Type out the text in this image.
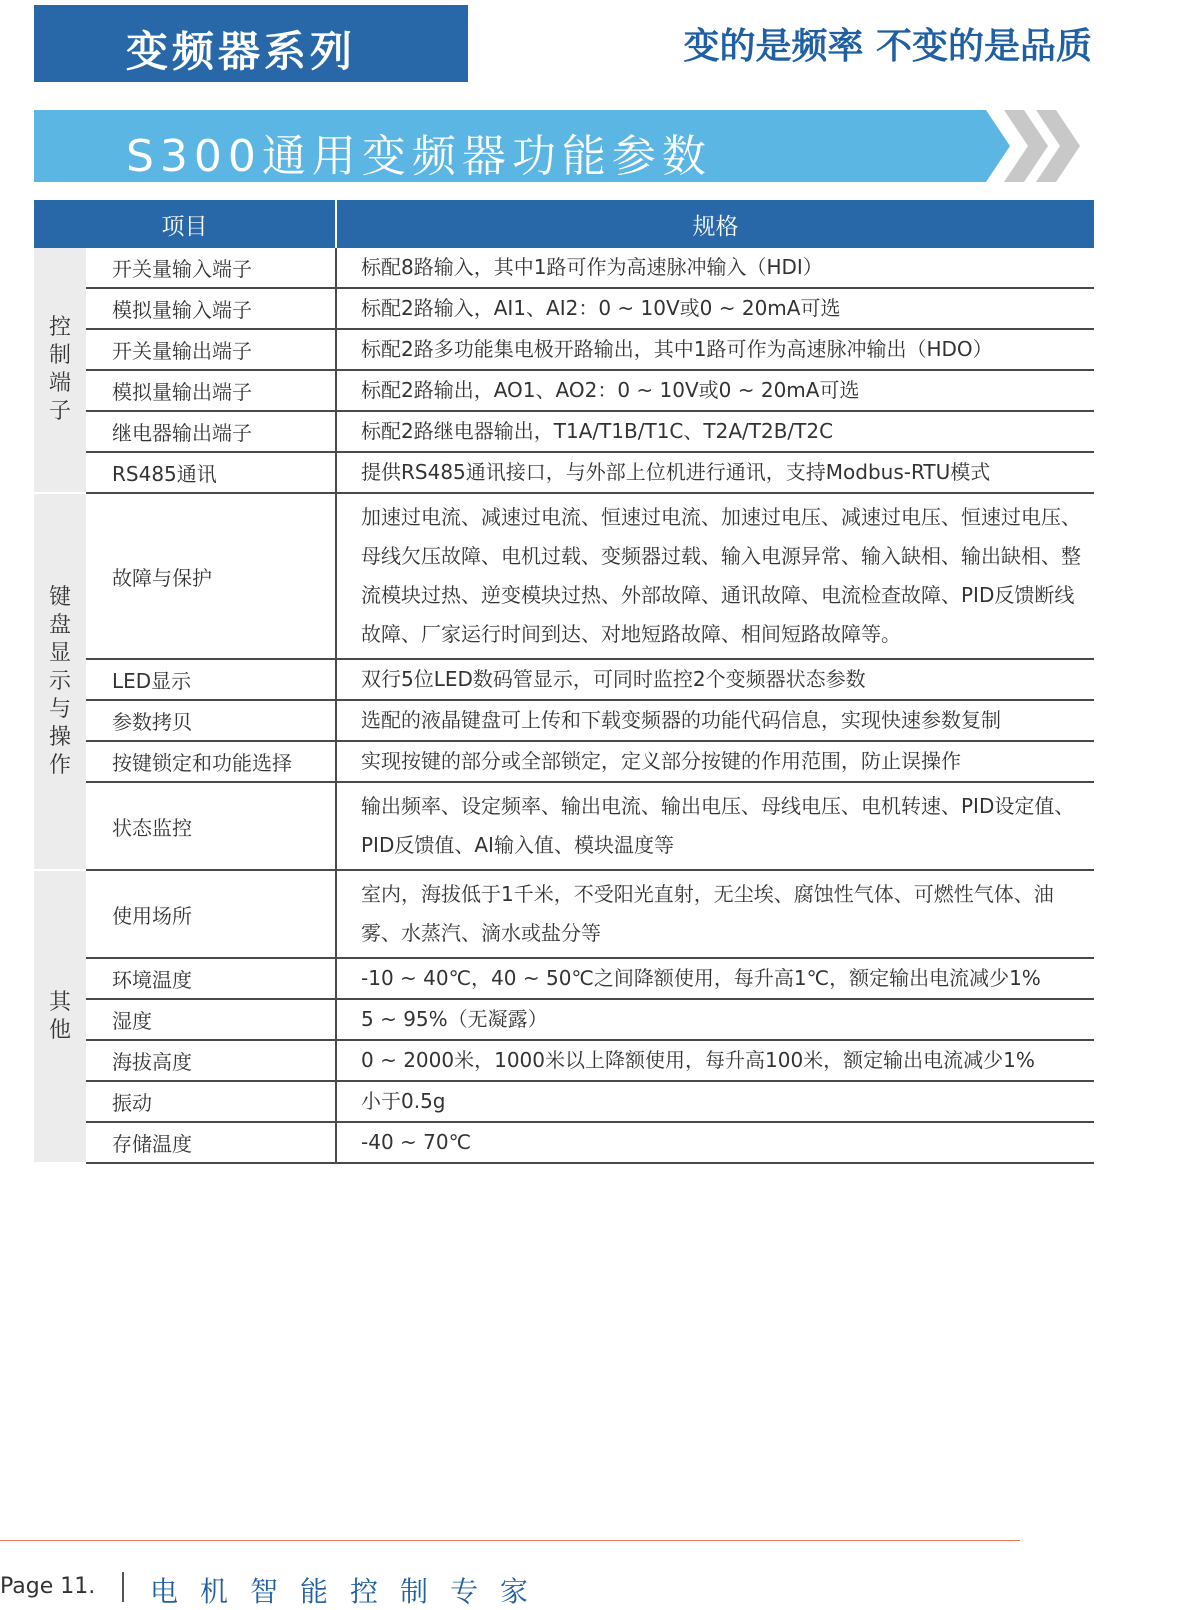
变频器系列	变的是频率 不变的是品质
S300通用变频器功能参数
项目		规格

控制端子	开关量输入端子	标配8路输入，其中1路可作为高速脉冲输入（HDI）
	模拟量输入端子	标配2路输入，AI1、AI2：0 ~ 10V或0 ~ 20mA可选
	开关量输出端子	标配2路多功能集电极开路输出，其中1路可作为高速脉冲输出（HDO）
	模拟量输出端子	标配2路输出，AO1、AO2：0 ~ 10V或0 ~ 20mA可选
	继电器输出端子	标配2路继电器输出，T1A/T1B/T1C、T2A/T2B/T2C
	RS485通讯	提供RS485通讯接口，与外部上位机进行通讯，支持Modbus-RTU模式

键盘显示与操作	故障与保护	加速过电流、减速过电流、恒速过电流、加速过电压、减速过电压、恒速过电压、母线欠压故障、电机过载、变频器过载、输入电源异常、输入缺相、输出缺相、整流模块过热、逆变模块过热、外部故障、通讯故障、电流检查故障、PID反馈断线故障、厂家运行时间到达、对地短路故障、相间短路故障等。
	LED显示	双行5位LED数码管显示，可同时监控2个变频器状态参数
	参数拷贝	选配的液晶键盘可上传和下载变频器的功能代码信息，实现快速参数复制
	按键锁定和功能选择	实现按键的部分或全部锁定，定义部分按键的作用范围，防止误操作
	状态监控	输出频率、设定频率、输出电流、输出电压、母线电压、电机转速、PID设定值、PID反馈值、AI输入值、模块温度等

其他	使用场所	室内，海拔低于1千米，不受阳光直射，无尘埃、腐蚀性气体、可燃性气体、油雾、水蒸汽、滴水或盐分等
	环境温度	-10 ~ 40℃，40 ~ 50℃之间降额使用，每升高1℃，额定输出电流减少1%
	湿度	5 ~ 95%（无凝露）
	海拔高度	0 ~ 2000米，1000米以上降额使用，每升高100米，额定输出电流减少1%
	振动	小于0.5g
	存储温度	-40 ~ 70℃
Page 11. 电机智能控制专家
